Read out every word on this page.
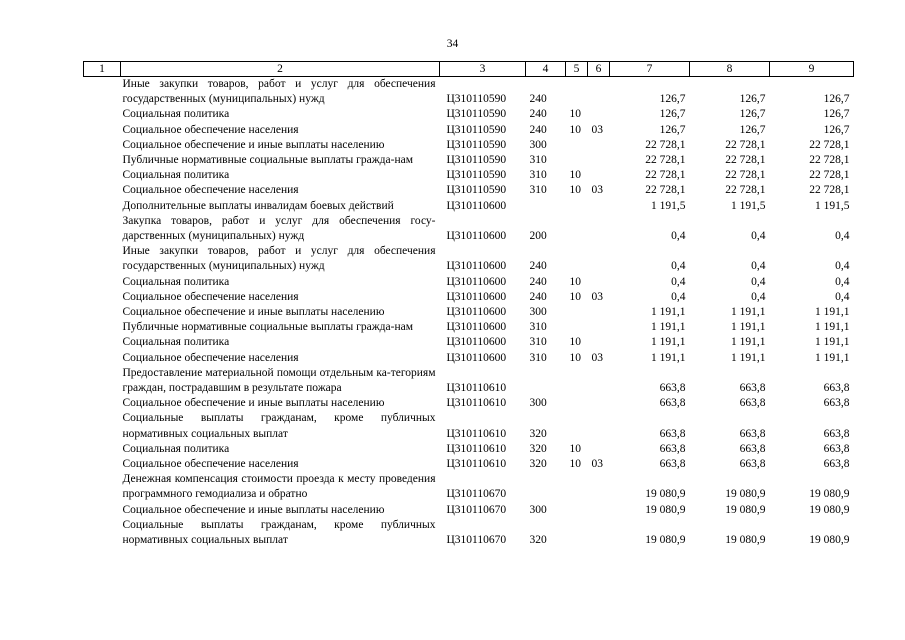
34
1	2	3	4	5	6	7	8	9
	Иные закупки товаров, работ и услуг для обеспечения государственных (муниципальных) нужд	Ц310110590	240			126,7	126,7	126,7
	Социальная политика	Ц310110590	240	10		126,7	126,7	126,7
	Социальное обеспечение населения	Ц310110590	240	10	03	126,7	126,7	126,7
	Социальное обеспечение и иные выплаты населению	Ц310110590	300			22 728,1	22 728,1	22 728,1
	Публичные нормативные социальные выплаты граждa-нам	Ц310110590	310			22 728,1	22 728,1	22 728,1
	Социальная политика	Ц310110590	310	10		22 728,1	22 728,1	22 728,1
	Социальное обеспечение населения	Ц310110590	310	10	03	22 728,1	22 728,1	22 728,1
	Дополнительные выплаты инвалидам боевых действий	Ц310110600				1 191,5	1 191,5	1 191,5
	Закупка товаров, работ и услуг для обеспечения госу-дарственных (муниципальных) нужд	Ц310110600	200			0,4	0,4	0,4
	Иные закупки товаров, работ и услуг для обеспечения государственных (муниципальных) нужд	Ц310110600	240			0,4	0,4	0,4
	Социальная политика	Ц310110600	240	10		0,4	0,4	0,4
	Социальное обеспечение населения	Ц310110600	240	10	03	0,4	0,4	0,4
	Социальное обеспечение и иные выплаты населению	Ц310110600	300			1 191,1	1 191,1	1 191,1
	Публичные нормативные социальные выплаты гражда-нам	Ц310110600	310			1 191,1	1 191,1	1 191,1
	Социальная политика	Ц310110600	310	10		1 191,1	1 191,1	1 191,1
	Социальное обеспечение населения	Ц310110600	310	10	03	1 191,1	1 191,1	1 191,1
	Предоставление материальной помощи отдельным ка-тегориям граждан, пострадавшим в результате пожара	Ц310110610				663,8	663,8	663,8
	Социальное обеспечение и иные выплаты населению	Ц310110610	300			663,8	663,8	663,8
	Социальные выплаты гражданам, кроме публичных нормативных социальных выплат	Ц310110610	320			663,8	663,8	663,8
	Социальная политика	Ц310110610	320	10		663,8	663,8	663,8
	Социальное обеспечение населения	Ц310110610	320	10	03	663,8	663,8	663,8
	Денежная компенсация стоимости проезда к месту проведения программного гемодиализа и обратно	Ц310110670				19 080,9	19 080,9	19 080,9
	Социальное обеспечение и иные выплаты населению	Ц310110670	300			19 080,9	19 080,9	19 080,9
	Социальные выплаты гражданам, кроме публичных нормативных социальных выплат	Ц310110670	320			19 080,9	19 080,9	19 080,9
